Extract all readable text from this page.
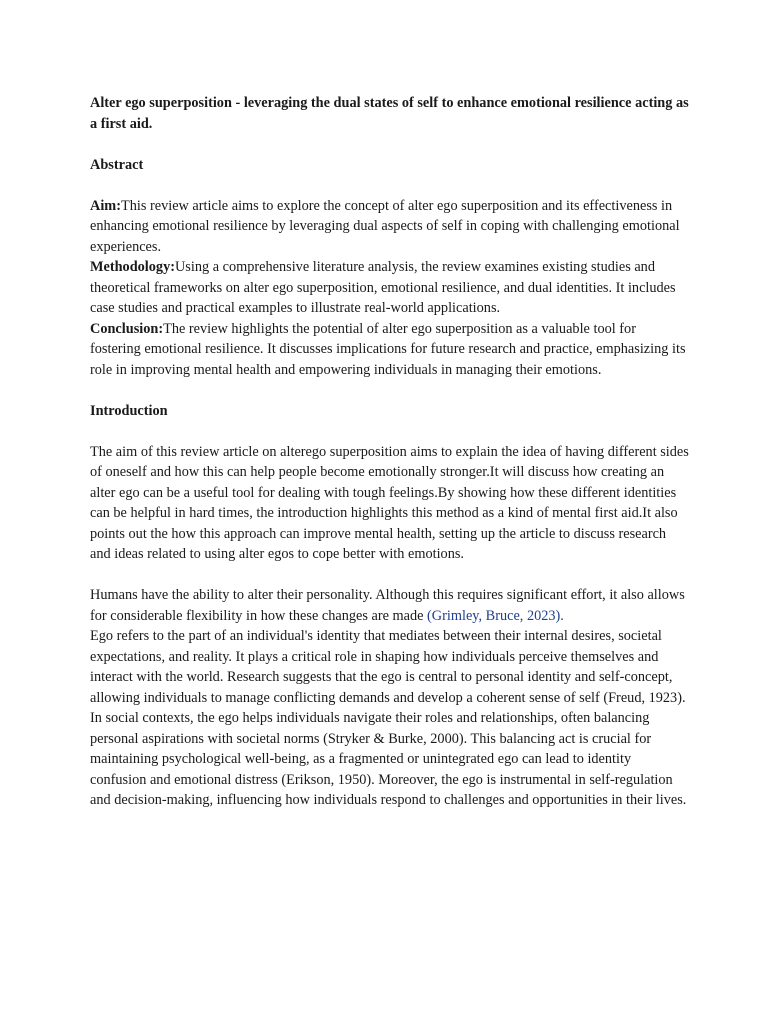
Alter ego superposition - leveraging the dual states of self to enhance emotional resilience acting as a first aid.
Abstract

Aim:This review article aims to explore the concept of alter ego superposition and its effectiveness in enhancing emotional resilience by leveraging dual aspects of self in coping with challenging emotional experiences.

Methodology:Using a comprehensive literature analysis, the review examines existing studies and theoretical frameworks on alter ego superposition, emotional resilience, and dual identities. It includes case studies and practical examples to illustrate real-world applications.

Conclusion:The review highlights the potential of alter ego superposition as a valuable tool for fostering emotional resilience. It discusses implications for future research and practice, emphasizing its role in improving mental health and empowering individuals in managing their emotions.

Introduction

The aim of this review article on alterego superposition aims to explain the idea of having different sides of oneself and how this can help people become emotionally stronger.It will discuss how creating an alter ego can be a useful tool for dealing with tough feelings.By showing how these different identities can be helpful in hard times, the introduction highlights this method as a kind of mental first aid.It also points out the how this approach can improve mental health, setting up the article to discuss research and ideas related to using alter egos to cope better with emotions.

Humans have the ability to alter their personality. Although this requires significant effort, it also allows for considerable flexibility in how these changes are made (Grimley, Bruce, 2023).

Ego refers to the part of an individual's identity that mediates between their internal desires, societal expectations, and reality. It plays a critical role in shaping how individuals perceive themselves and interact with the world. Research suggests that the ego is central to personal identity and self-concept, allowing individuals to manage conflicting demands and develop a coherent sense of self (Freud, 1923). In social contexts, the ego helps individuals navigate their roles and relationships, often balancing personal aspirations with societal norms (Stryker & Burke, 2000). This balancing act is crucial for maintaining psychological well-being, as a fragmented or unintegrated ego can lead to identity confusion and emotional distress (Erikson, 1950). Moreover, the ego is instrumental in self-regulation and decision-making, influencing how individuals respond to challenges and opportunities in their lives.
